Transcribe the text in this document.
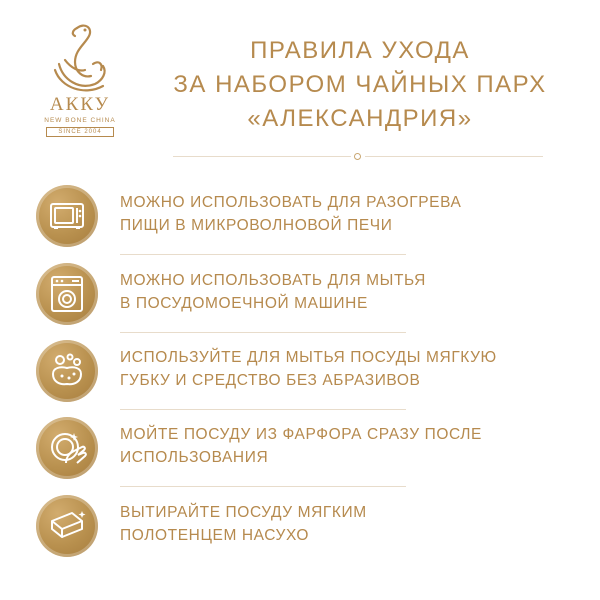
АККУ
NEW BONE CHINA
SINCE 2004
ПРАВИЛА УХОДА
ЗА НАБОРОМ ЧАЙНЫХ ПАРХ
«АЛЕКСАНДРИЯ»
МОЖНО ИСПОЛЬЗОВАТЬ ДЛЯ РАЗОГРЕВА
ПИЩИ В МИКРОВОЛНОВОЙ ПЕЧИ
МОЖНО ИСПОЛЬЗОВАТЬ ДЛЯ МЫТЬЯ
В ПОСУДОМОЕЧНОЙ МАШИНЕ
ИСПОЛЬЗУЙТЕ ДЛЯ МЫТЬЯ ПОСУДЫ МЯГКУЮ
ГУБКУ И СРЕДСТВО БЕЗ АБРАЗИВОВ
МОЙТЕ ПОСУДУ ИЗ ФАРФОРА СРАЗУ ПОСЛЕ
ИСПОЛЬЗОВАНИЯ
ВЫТИРАЙТЕ ПОСУДУ МЯГКИМ
ПОЛОТЕНЦЕМ НАСУХО
